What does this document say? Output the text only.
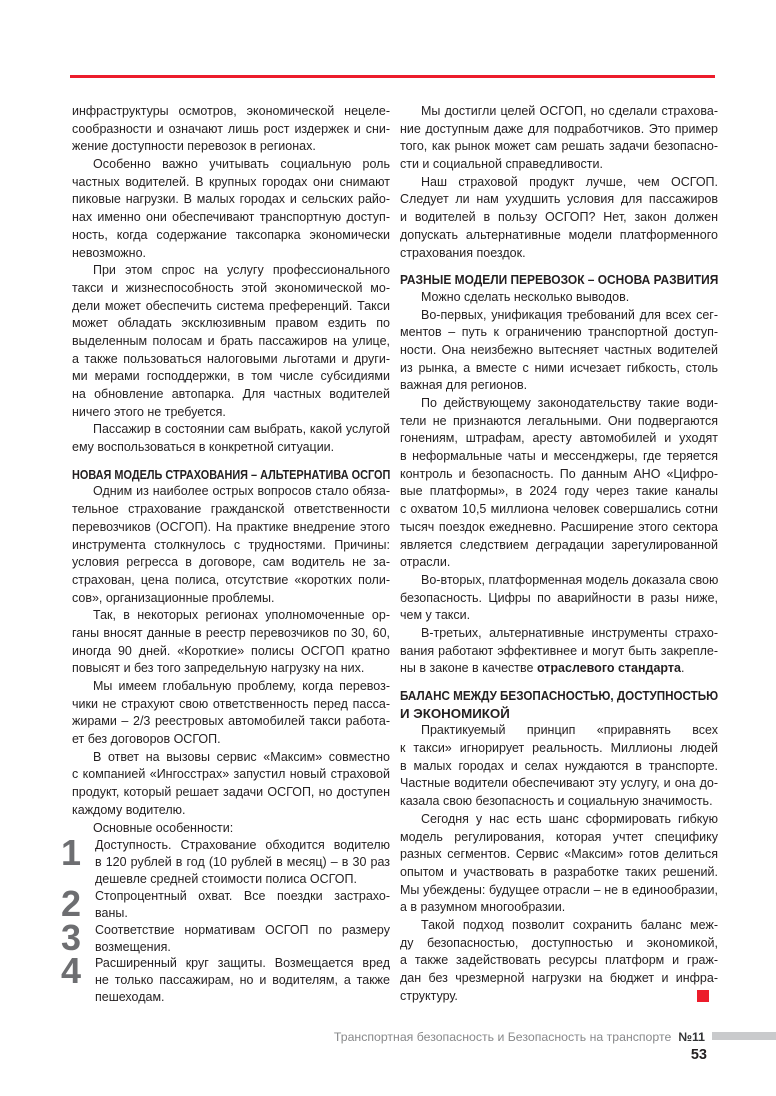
инфраструктуры осмотров, экономической нецеле-
сообразности и означают лишь рост издержек и сни-
жение доступности перевозок в регионах.
Особенно важно учитывать социальную роль
частных водителей. В крупных городах они снимают
пиковые нагрузки. В малых городах и сельских райо-
нах именно они обеспечивают транспортную доступ-
ность, когда содержание таксопарка экономически
невозможно.
При этом спрос на услугу профессионального
такси и жизнеспособность этой экономической мо-
дели может обеспечить система преференций. Такси
может обладать эксклюзивным правом ездить по
выделенным полосам и брать пассажиров на улице,
а также пользоваться налоговыми льготами и други-
ми мерами господдержки, в том числе субсидиями
на обновление автопарка. Для частных водителей
ничего этого не требуется.
Пассажир в состоянии сам выбрать, какой услугой
ему воспользоваться в конкретной ситуации.
НОВАЯ МОДЕЛЬ СТРАХОВАНИЯ – АЛЬТЕРНАТИВА ОСГОП
Одним из наиболее острых вопросов стало обяза-
тельное страхование гражданской ответственности
перевозчиков (ОСГОП). На практике внедрение этого
инструмента столкнулось с трудностями. Причины:
условия регресса в договоре, сам водитель не за-
страхован, цена полиса, отсутствие «коротких поли-
сов», организационные проблемы.
Так, в некоторых регионах уполномоченные ор-
ганы вносят данные в реестр перевозчиков по 30, 60,
иногда 90 дней. «Короткие» полисы ОСГОП кратно
повысят и без того запредельную нагрузку на них.
Мы имеем глобальную проблему, когда перевоз-
чики не страхуют свою ответственность перед пасса-
жирами – 2/3 реестровых автомобилей такси работа-
ет без договоров ОСГОП.
В ответ на вызовы сервис «Максим» совместно
с компанией «Ингосстрах» запустил новый страховой
продукт, который решает задачи ОСГОП, но доступен
каждому водителю.
Основные особенности:
1 Доступность. Страхование обходится водителю
в 120 рублей в год (10 рублей в месяц) – в 30 раз
дешевле средней стоимости полиса ОСГОП.
2 Стопроцентный охват. Все поездки застрахо-
ваны.
3 Соответствие нормативам ОСГОП по размеру
возмещения.
4 Расширенный круг защиты. Возмещается вред
не только пассажирам, но и водителям, а также
пешеходам.
Мы достигли целей ОСГОП, но сделали страхова-
ние доступным даже для подработчиков. Это пример
того, как рынок может сам решать задачи безопасно-
сти и социальной справедливости.
Наш страховой продукт лучше, чем ОСГОП.
Следует ли нам ухудшить условия для пассажиров
и водителей в пользу ОСГОП? Нет, закон должен
допускать альтернативные модели платформенного
страхования поездок.
РАЗНЫЕ МОДЕЛИ ПЕРЕВОЗОК – ОСНОВА РАЗВИТИЯ
Можно сделать несколько выводов.
Во-первых, унификация требований для всех сег-
ментов – путь к ограничению транспортной доступ-
ности. Она неизбежно вытесняет частных водителей
из рынка, а вместе с ними исчезает гибкость, столь
важная для регионов.
По действующему законодательству такие води-
тели не признаются легальными. Они подвергаются
гонениям, штрафам, аресту автомобилей и уходят
в неформальные чаты и мессенджеры, где теряется
контроль и безопасность. По данным АНО «Цифро-
вые платформы», в 2024 году через такие каналы
с охватом 10,5 миллиона человек совершались сотни
тысяч поездок ежедневно. Расширение этого сектора
является следствием деградации зарегулированной
отрасли.
Во-вторых, платформенная модель доказала свою
безопасность. Цифры по аварийности в разы ниже,
чем у такси.
В-третьих, альтернативные инструменты страхо-
вания работают эффективнее и могут быть закрепле-
ны в законе в качестве отраслевого стандарта.
БАЛАНС МЕЖДУ БЕЗОПАСНОСТЬЮ, ДОСТУПНОСТЬЮ
И ЭКОНОМИКОЙ
Практикуемый принцип «приравнять всех
к такси» игнорирует реальность. Миллионы людей
в малых городах и селах нуждаются в транспорте.
Частные водители обеспечивают эту услугу, и она до-
казала свою безопасность и социальную значимость.
Сегодня у нас есть шанс сформировать гибкую
модель регулирования, которая учтет специфику
разных сегментов. Сервис «Максим» готов делиться
опытом и участвовать в разработке таких решений.
Мы убеждены: будущее отрасли – не в единообразии,
а в разумном многообразии.
Такой подход позволит сохранить баланс меж-
ду безопасностью, доступностью и экономикой,
а также задействовать ресурсы платформ и граж-
дан без чрезмерной нагрузки на бюджет и инфра-
структуру.
Транспортная безопасность и Безопасность на транспорте №11
53
